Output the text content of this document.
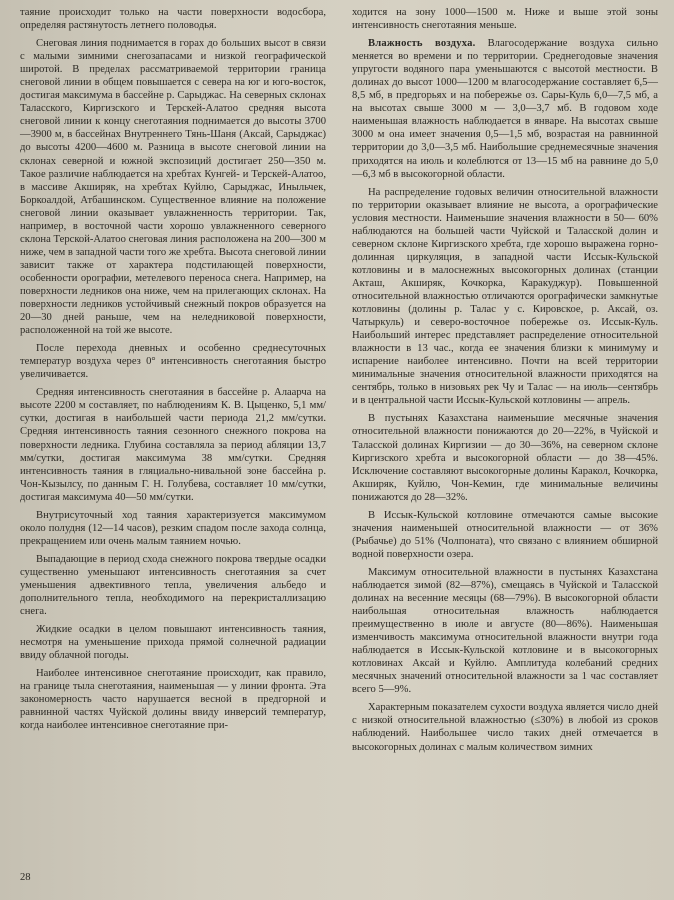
таяние происходит только на части поверхности водосбора, определяя растянутость летнего половодья.

Снеговая линия поднимается в горах до больших высот в связи с малыми зимними снегозапасами и низкой географической широтой. В пределах рассматриваемой территории граница снеговой линии в общем повышается с севера на юг и юго-восток, достигая максимума в бассейне р. Сарыджас. На северных склонах Таласского, Киргизского и Терскей-Алатоо средняя высота снеговой линии к концу снеготаяния поднимается до высоты 3700—3900 м, в бассейнах Внутреннего Тянь-Шаня (Аксай, Сарыджас) до высоты 4200—4600 м. Разница в высоте снеговой линии на склонах северной и южной экспозиций достигает 250—350 м. Такое различие наблюдается на хребтах Кунгей- и Терскей-Алатоо, в массиве Акширяк, на хребтах Куйлю, Сарыджас, Иныльчек, Боркоалдой, Атбашинском. Существенное влияние на положение снеговой линии оказывает увлажненность территории. Так, например, в восточной части хорошо увлажненного северного склона Терской-Алатоо снеговая линия расположена на 200—300 м ниже, чем в западной части того же хребта. Высота снеговой линии зависит также от характера подстилающей поверхности, особенности орографии, метелевого переноса снега. Например, на поверхности ледников она ниже, чем на прилегающих склонах. На поверхности ледников устойчивый снежный покров образуется на 20—30 дней раньше, чем на неледниковой поверхности, расположенной на той же высоте.

После перехода дневных и особенно среднесуточных температур воздуха через 0° интенсивность снеготаяния быстро увеличивается.

Средняя интенсивность снеготаяния в бассейне р. Алаарча на высоте 2200 м составляет, по наблюдениям К. В. Цыценко, 5,1 мм/сутки, достигая в наибольшей части периода 21,2 мм/сутки. Средняя интенсивность таяния сезонного снежного покрова на поверхности ледника. Глубина составляла за период абляции 13,7 мм/сутки, достигая максимума 38 мм/сутки. Средняя интенсивность таяния в гляциально-нивальной зоне бассейна р. Чон-Кызылсу, по данным Г. Н. Голубева, составляет 10 мм/сутки, достигая максимума 40—50 мм/сутки.

Внутрисуточный ход таяния характеризуется максимумом около полудня (12—14 часов), резким спадом после захода солнца, прекращением или очень малым таянием ночью.

Выпадающие в период схода снежного покрова твердые осадки существенно уменьшают интенсивность снеготаяния за счет уменьшения адвективного тепла, увеличения альбедо и дополнительного тепла, необходимого на перекристаллизацию снега.

Жидкие осадки в целом повышают интенсивность таяния, несмотря на уменьшение прихода прямой солнечной радиации ввиду облачной погоды.

Наиболее интенсивное снеготаяние происходит, как правило, на границе тыла снеготаяния, наименьшая — у линии фронта. Эта закономерность часто нарушается весной в предгорной и равнинной частях Чуйской долины ввиду инверсий температур, когда наиболее интенсивное снеготаяние при-

ходится на зону 1000—1500 м. Ниже и выше этой зоны интенсивность снеготаяния меньше.

Влажность воздуха. Влагосодержание воздуха сильно меняется во времени и по территории. Среднегодовые значения упругости водяного пара уменьшаются с высотой местности. В долинах до высот 1000—1200 м влагосодержание составляет 6,5—8,5 мб, в предгорьях и на побережье оз. Сары-Куль 6,0—7,5 мб, а на высотах свыше 3000 м — 3,0—3,7 мб. В годовом ходе наименьшая влажность наблюдается в январе. На высотах свыше 3000 м она имеет значения 0,5—1,5 мб, возрастая на равнинной территории до 3,0—3,5 мб. Наибольшие среднемесячные значения приходятся на июль и колеблются от 13—15 мб на равнине до 5,0—6,3 мб в высокогорной области.

На распределение годовых величин относительной влажности по территории оказывает влияние не высота, а орографические условия местности. Наименьшие значения влажности в 50— 60% наблюдаются на большей части Чуйской и Таласской долин и северном склоне Киргизского хребта, где хорошо выражена горно-долинная циркуляция, в западной части Иссык-Кульской котловины и в малоснежных высокогорных долинах (станции Акташ, Акширяк, Кочкорка, Каракуджур). Повышенной относительной влажностью отличаются орографически замкнутые котловины (долины р. Талас у с. Кировское, р. Аксай, оз. Чатыркуль) и северо-восточное побережье оз. Иссык-Куль. Наибольший интерес представляет распределение относительной влажности в 13 час., когда ее значения близки к минимуму и испарение наиболее интенсивно. Почти на всей территории минимальные значения относительной влажности приходятся на сентябрь, только в низовьях рек Чу и Талас — на июль—сентябрь и в центральной части Иссык-Кульской котловины — апрель.

В пустынях Казахстана наименьшие месячные значения относительной влажности понижаются до 20—22%, в Чуйской и Таласской долинах Киргизии — до 30—36%, на северном склоне Киргизского хребта и высокогорной области — до 38—45%. Исключение составляют высокогорные долины Каракол, Кочкорка, Акширяк, Куйлю, Чон-Кемин, где минимальные величины понижаются до 28—32%.

В Иссык-Кульской котловине отмечаются самые высокие значения наименьшей относительной влажности — от 36% (Рыбачье) до 51% (Чолпоната), что связано с влиянием обширной водной поверхности озера.

Максимум относительной влажности в пустынях Казахстана наблюдается зимой (82—87%), смещаясь в Чуйской и Таласской долинах на весенние месяцы (68—79%). В высокогорной области наибольшая относительная влажность наблюдается преимущественно в июле и августе (80—86%). Наименьшая изменчивость максимума относительной влажности внутри года наблюдается в Иссык-Кульской котловине и в высокогорных котловинах Аксай и Куйлю. Амплитуда колебаний средних месячных значений относительной влажности за 1 час составляет всего 5—9%.

Характерным показателем сухости воздуха является число дней с низкой относительной влажностью (≤30%) в любой из сроков наблюдений. Наибольшее число таких дней отмечается в высокогорных долинах с малым количеством зимних

28
